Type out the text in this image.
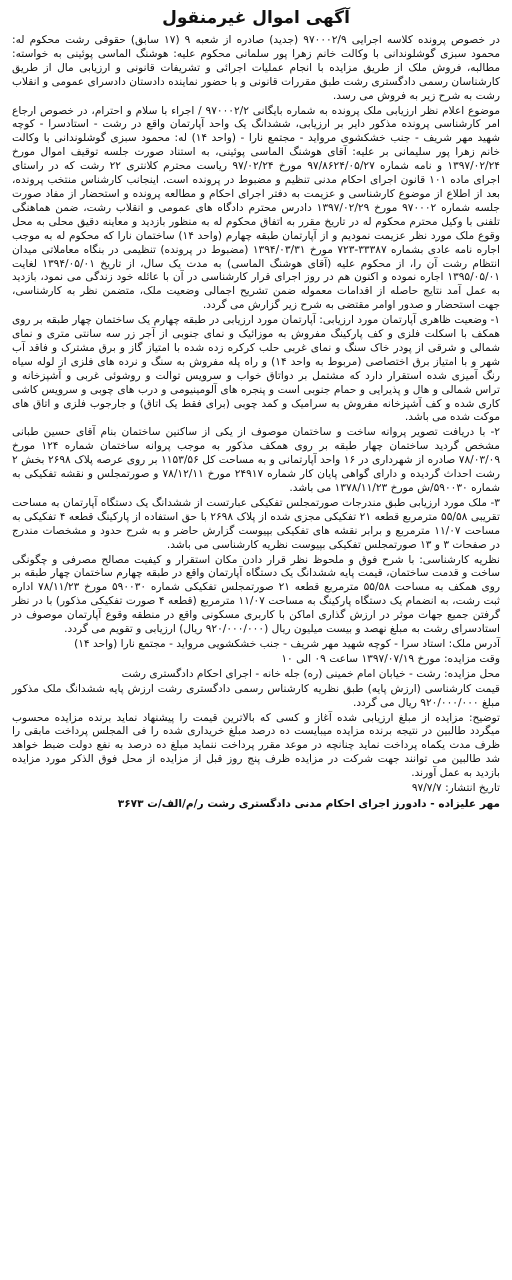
آگهی اموال غیرمنقول

در خصوص پرونده کلاسه اجرایی ۹۷۰۰۰۲/۹ (جدید) صادره از شعبه ۹ (۱۷ سابق) حقوقی رشت محکوم له: محمود سبزی گوشلوندانی با وکالت خانم زهرا پور سلمانی محکوم علیه: هوشنگ الماسی پوئینی به خواسته: مطالبه، فروش ملک از طریق مزایده با انجام عملیات اجرائی و تشریفات قانونی و ارزیابی مال از طریق کارشناسان رسمی دادگستری رشت طبق مقررات قانونی و با حضور نماینده دادستان دادسرای عمومی و انقلاب رشت به شرح زیر به فروش می رسد.

موضوع اعلام نظر ارزیابی ملک پرونده به شماره بایگانی ۹۷۰۰۰۲/۲ / اجراء با سلام و احترام، در خصوص ارجاع امر کارشناسی پرونده مذکور دایر بر ارزیابی، ششدانگ یک واحد آپارتمان واقع در رشت - استادسرا - کوچه شهید مهر شریف - جنب خشکشوی مرواید - مجتمع نارا - (واحد ۱۴) له: محمود سبزی گوشلوندانی با وکالت خانم زهرا پور سلیمانی بر علیه: آقای هوشنگ الماسی پوئینی، به استناد صورت جلسه توقیف اموال مورخ ۱۳۹۷/۰۲/۲۴ و نامه شماره ۹۷/۸۶۲۴/۰۵/۲۷ مورخ ۹۷/۰۲/۲۴ ریاست محترم کلانتری ۲۲ رشت که در راستای اجرای ماده ۱۰۱ قانون اجرای احکام مدنی تنظیم و مضبوط در پرونده است. اینجانب کارشناس منتخب پرونده، بعد از اطلاع از موضوع کارشناسی و عزیمت به دفتر اجرای احکام و مطالعه پرونده و استحضار از مفاد صورت جلسه شماره ۹۷۰۰۰۲ مورخ ۱۳۹۷/۰۲/۲۹ دادرس محترم دادگاه های عمومی و انقلاب رشت، ضمن هماهنگی تلفنی با وکیل محترم محکوم له در تاریخ مقرر به اتفاق محکوم له به منظور بازدید و معاینه دقیق محلی به محل وقوع ملک مورد نظر عزیمت نمودیم و از آپارتمان طبقه چهارم (واحد ۱۴) ساختمان نارا که محکوم له به موجب اجاره نامه عادی بشماره ۳۳۳۸۷-۷۲۳ مورخ ۱۳۹۴/۰۳/۳۱ (مضبوط در پرونده) تنظیمی در بنگاه معاملاتی میدان انتظام رشت آن را، از محکوم علیه (آقای هوشنگ الماسی) به مدت یک سال، از تاریخ ۱۳۹۴/۰۵/۰۱ لغایت ۱۳۹۵/۰۵/۰۱ اجاره نموده و اکنون هم در روز اجرای قرار کارشناسی در آن با عائله خود زندگی می نمود، بازدید به عمل آمد نتایج حاصله از اقدامات معموله ضمن تشریح اجمالی وضعیت ملک، متضمن نظر به کارشناسی، جهت استحضار و صدور اوامر مقتضی به شرح زیر گزارش می گردد.

۱- وضعیت ظاهری آپارتمان مورد ارزیابی: آپارتمان مورد ارزیابی در طبقه چهارم یک ساختمان چهار طبقه بر روی همکف با اسکلت فلزی و کف پارکینگ مفروش به موزائیک و نمای جنوبی از آجر زر سه سانتی متری و نمای شمالی و شرقی از پودر خاک سنگ و نمای غربی حلب کرکره زده شده با امتیاز گاز و برق مشترک و فاقد آب شهر و با امتیاز برق اختصاصی (مربوط به واحد ۱۴) و راه پله مفروش به سنگ و نرده های فلزی از لوله سیاه رنگ آمیزی شده استقرار دارد که مشتمل بر دواتاق خواب و سرویس توالت و روشوئی غربی و آشپزخانه و تراس شمالی و هال و پذیرایی و حمام جنوبی است و پنجره های آلومینیومی و درب های چوبی و سرویس کاشی کاری شده و کف آشپزخانه مفروش به سرامیک و کمد چوبی (برای فقط یک اتاق) و جارجوب فلزی و اتاق های موکت شده می باشد.

۲- با دریافت تصویر پروانه ساخت و ساختمان موصوف از یکی از ساکنین ساختمان بنام آقای حسین طبانی مشخص گردید ساختمان چهار طبقه بر روی همکف مذکور به موجب پروانه ساختمان شماره ۱۲۴ مورخ ۷۸/۰۳/۰۹ صادره از شهرداری در ۱۶ واحد آپارتمانی و به مساحت کل ۱۱۵۳/۵۶ بر روی عرصه پلاک ۲۶۹۸ بخش ۲ رشت احداث گردیده و دارای گواهی پایان کار شماره ۲۴۹۱۷ مورخ ۷۸/۱۲/۱۱ و صورتمجلس و نقشه تفکیکی به شماره ۵۹۰۰۳۰/ش مورخ ۱۳۷۸/۱۱/۲۳ می باشد.

۳- ملک مورد ارزیابی طبق مندرجات صورتمجلس تفکیکی عبارتست از ششدانگ یک دستگاه آپارتمان به مساحت تقریبی ۵۵/۵۸ مترمربع قطعه ۲۱ تفکیکی مجزی شده از پلاک ۲۶۹۸ با حق استفاده از پارکینگ قطعه ۴ تفکیکی به مساحت ۱۱/۰۷ مترمربع و برابر نقشه های تفکیکی بپیوست گزارش حاضر و به شرح حدود و مشخصات مندرج در صفحات ۳ و ۱۳ صورتمجلس تفکیکی بپیوست نظریه کارشناسی می باشد.

نظریه کارشناسی: با شرح فوق و ملحوظ نظر قرار دادن مکان استقرار و کیفیت مصالح مصرفی و چگونگی ساخت و قدمت ساختمان، قیمت پایه ششدانگ یک دستگاه آپارتمان واقع در طبقه چهارم ساختمان چهار طبقه بر روی همکف به مساحت ۵۵/۵۸ مترمربع قطعه ۲۱ صورتمجلس تفکیکی شماره ۵۹۰۰۳۰ مورخ ۷۸/۱۱/۲۳ اداره ثبت رشت، به انضمام یک دستگاه پارکینگ به مساحت ۱۱/۰۷ مترمربع (قطعه ۴ صورت تفکیکی مذکور) با در نظر گرفتن جمیع جهات موثر در ارزش گذاری اماکن با کاربری مسکونی واقع در منطقه وقوع آپارتمان موصوف در استادسرای رشت به مبلغ نهصد و بیست میلیون ریال (۹۲۰/۰۰۰/۰۰۰ ریال) ارزیابی و تقویم می گردد.

آدرس ملک: استاد سرا - کوچه شهید مهر شریف - جنب خشکشویی مرواید - مجتمع نارا (واحد ۱۴)

وقت مزایده: مورخ ۱۳۹۷/۰۷/۱۹ ساعت ۰۹ الی ۱۰

محل مزایده: رشت - خیابان امام خمینی (ره) جله خانه - اجرای احکام دادگستری رشت

قیمت کارشناسی (ارزش پایه) طبق نظریه کارشناس رسمی دادگستری رشت ارزش پایه ششدانگ ملک مذکور مبلغ ۹۲۰/۰۰۰/۰۰۰ ریال می گردد.

توضیح: مزایده از مبلغ ارزیابی شده آغاز و کسی که بالاترین قیمت را پیشنهاد نماید برنده مزایده محسوب میگردد طالبین در نتیجه برنده مزایده میبایست ده درصد مبلغ خریداری شده را فی المجلس پرداخت مابقی را ظرف مدت یکماه پرداخت نماید چنانچه در موعد مقرر پرداخت ننماید مبلغ ده درصد به نفع دولت ضبط خواهد شد طالبین می توانند جهت شرکت در مزایده ظرف پنج روز قبل از مزایده از محل فوق الذکر مورد مزایده بازدید به عمل آورند.

تاریخ انتشار: ۹۷/۷/۷

مهر علیزاده - دادورز اجرای احکام مدنی دادگستری رشت ر/م/الف/ت ۳۶۷۳
